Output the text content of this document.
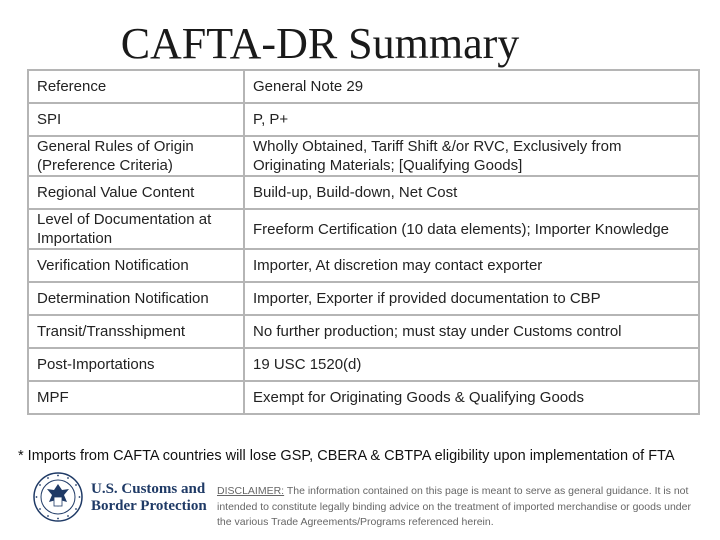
CAFTA-DR Summary
Reference	General Note 29
SPI	P, P+
General Rules of Origin (Preference Criteria)	Wholly Obtained, Tariff Shift &/or RVC, Exclusively from Originating Materials; [Qualifying Goods]
Regional Value Content	Build-up, Build-down, Net Cost
Level of Documentation at Importation	Freeform Certification (10 data elements); Importer Knowledge
Verification Notification	Importer, At discretion may contact exporter
Determination Notification	Importer, Exporter if provided documentation to CBP
Transit/Transshipment	No further production; must stay under Customs control
Post-Importations	19 USC 1520(d)
MPF	Exempt for Originating Goods & Qualifying Goods
* Imports from CAFTA countries will lose GSP, CBERA & CBTPA eligibility upon implementation of FTA
U.S. Customs and
Border Protection
DISCLAIMER: The information contained on this page is meant to serve as general guidance. It is not intended to constitute legally binding advice on the treatment of imported merchandise or goods under the various Trade Agreements/Programs referenced herein.
